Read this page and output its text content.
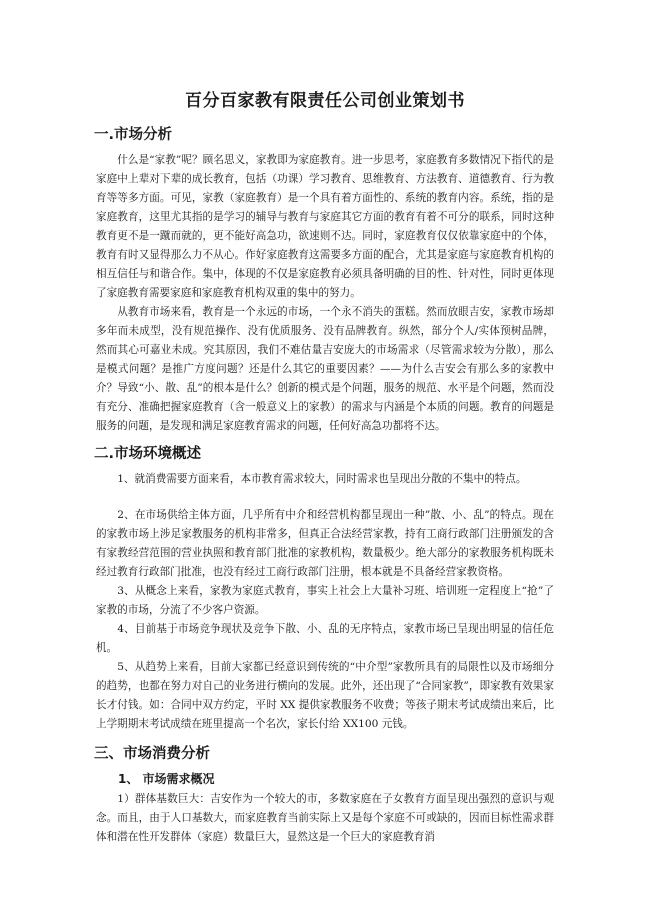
百分百家教有限责任公司创业策划书
一.市场分析

什么是“家教”呢？顾名思义，家教即为家庭教育。进一步思考，家庭教育多数情况下指代的是家庭中上辈对下辈的成长教育，包括（功课）学习教育、思维教育、方法教育、道德教育、行为教育等等多方面。可见，家教（家庭教育）是一个具有着方面性的、系统的教育内容。系统，指的是家庭教育，这里尤其指的是学习的辅导与教育与家庭其它方面的教育有着不可分的联系，同时这种教育更不是一蹴而就的，更不能好高急功，欲速则不达。同时，家庭教育仅仅依靠家庭中的个体，教育有时又显得那么力不从心。作好家庭教育这需要多方面的配合，尤其是家庭与家庭教育机构的相互信任与和谐合作。集中，体现的不仅是家庭教育必须具备明确的目的性、针对性，同时更体现了家庭教育需要家庭和家庭教育机构双重的集中的努力。

从教育市场来看，教育是一个永远的市场，一个永不消失的蛋糕。然而放眼吉安，家教市场却多年而未成型，没有规范操作、没有优质服务、没有品牌教育。纵然，部分个人/实体预树品牌，然而其心可嘉业未成。究其原因，我们不难估量吉安庞大的市场需求（尽管需求较为分散），那么是模式问题？是推广方度问题？还是什么其它的重要因素？——为什么吉安会有那么多的家教中介？导致“小、散、乱”的根本是什么？创新的模式是个问题，服务的规范、水平是个问题，然而没有充分、准确把握家庭教育（含一般意义上的家教）的需求与内涵是个本质的问题。教育的问题是服务的问题，是发现和满足家庭教育需求的问题，任何好高急功都将不达。

二.市场环境概述

1、就消费需要方面来看，本市教育需求较大，同时需求也呈现出分散的不集中的特点。

2、在市场供给主体方面，几乎所有中介和经营机构都呈现出一种”散、小、乱”的特点。现在的家教市场上涉足家教服务的机构非常多，但真正合法经营家教，持有工商行政部门注册颁发的含有家教经营范围的营业执照和教育部门批准的家教机构，数量极少。绝大部分的家教服务机构既未经过教育行政部门批准，也没有经过工商行政部门注册，根本就是不具备经营家教资格。

3、从概念上来看，家教为家庭式教育，事实上社会上大量补习班、培训班一定程度上“抢”了家教的市场，分流了不少客户资源。

4、目前基于市场竞争现状及竞争下散、小、乱的无序特点，家教市场已呈现出明显的信任危机。

5、从趋势上来看，目前大家都已经意识到传统的“中介型”家教所具有的局限性以及市场细分的趋势，也都在努力对自己的业务进行横向的发展。此外，还出现了“合同家教”，即家教有效果家长才付钱。如：合同中双方约定，平时 XX 提供家教服务不收费；等孩子期末考试成绩出来后，比上学期期末考试成绩在班里提高一个名次，家长付给 XX100 元钱。

三、市场消费分析
1、 市场需求概况

1）群体基数巨大：吉安作为一个较大的市，多数家庭在子女教育方面呈现出强烈的意识与观念。而且，由于人口基数大，而家庭教育当前实际上又是每个家庭不可或缺的，因而目标性需求群体和潜在性开发群体（家庭）数量巨大，显然这是一个巨大的家庭教育消
